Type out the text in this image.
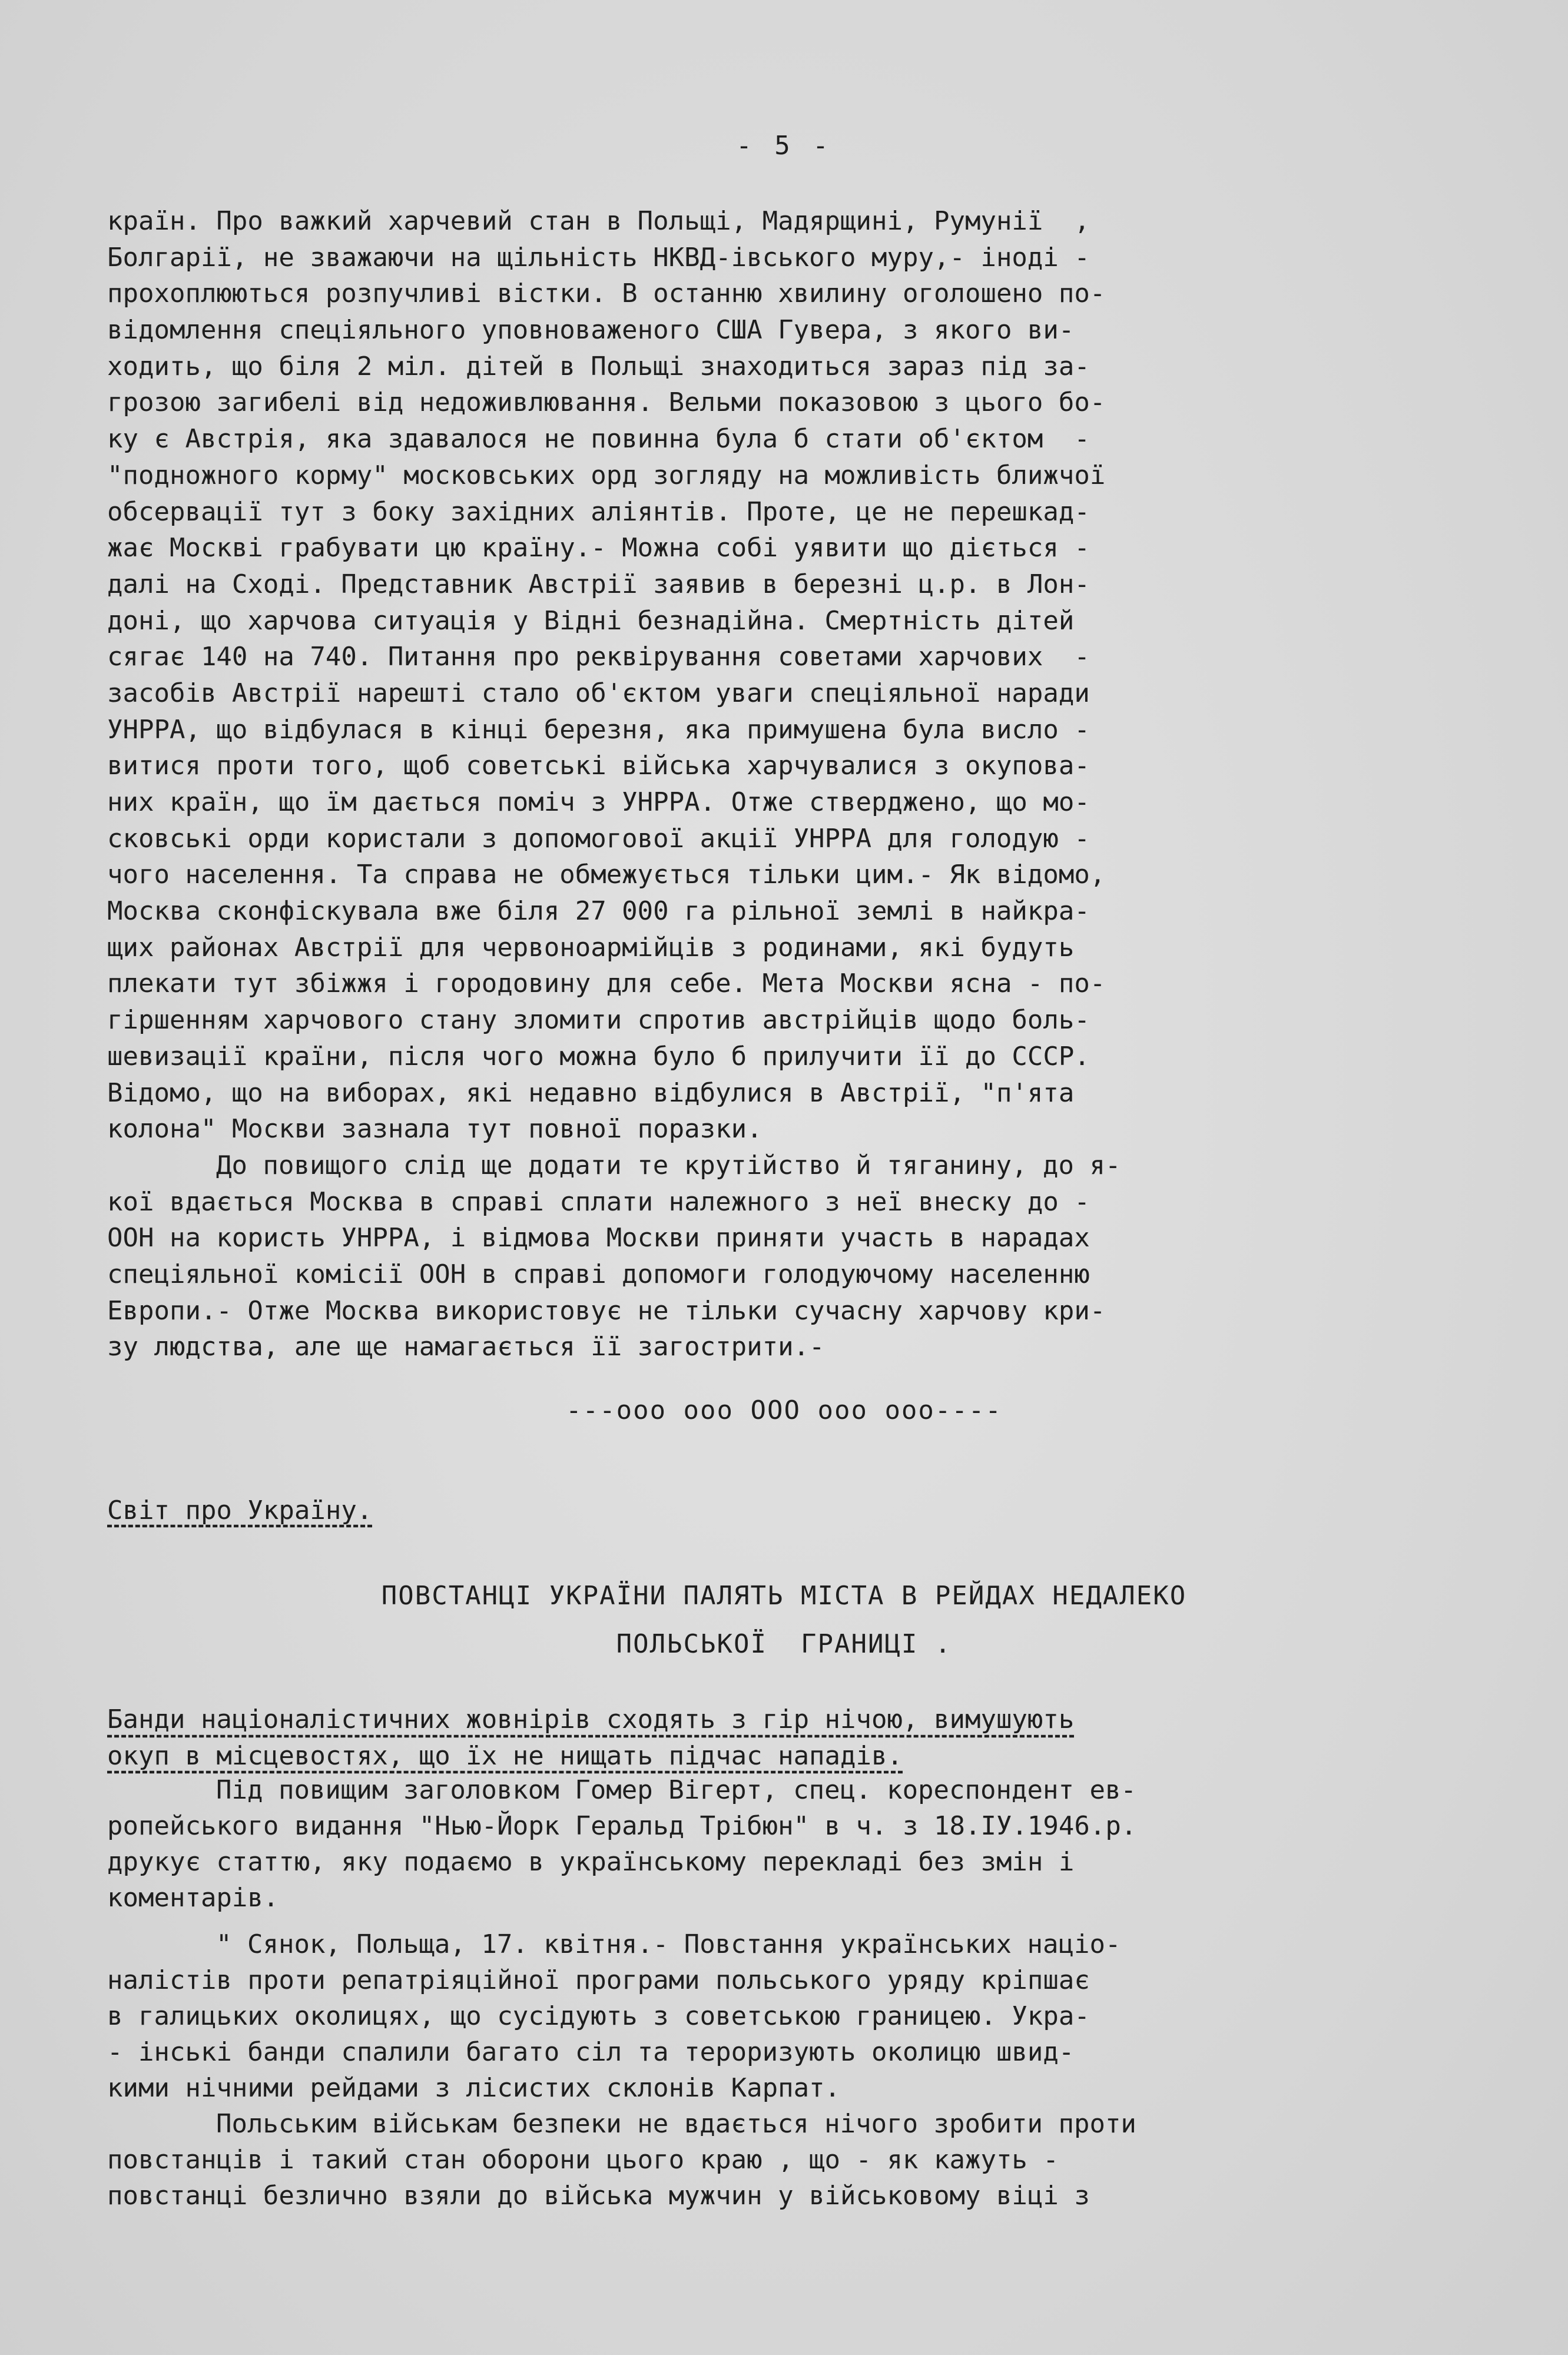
- 5 -
країн. Про важкий харчевий стан в Польщі, Мадярщині, Румунії  ,
Болгарії, не зважаючи на щільність НКВД-івського муру,- іноді -
прохоплюються розпучливі вістки. В останню хвилину оголошено по-
відомлення спеціяльного уповноваженого США Гувера, з якого ви-
ходить, що біля 2 міл. дітей в Польщі знаходиться зараз під за-
грозою загибелі від недоживлювання. Вельми показовою з цього бо-
ку є Австрія, яка здавалося не повинна була б стати об'єктом  -
"подножного корму" московських орд зогляду на можливість ближчої
обсервації тут з боку західних аліянтів. Проте, це не перешкад-
жає Москві грабувати цю країну.- Можна собі уявити що діється -
далі на Сході. Представник Австрії заявив в березні ц.р. в Лон-
доні, що харчова ситуація у Відні безнадійна. Смертність дітей
сягає 140 на 740. Питання про реквірування советами харчових  -
засобів Австрії нарешті стало об'єктом уваги спеціяльної наради
УНРРА, що відбулася в кінці березня, яка примушена була висло -
витися проти того, щоб советські війська харчувалися з окупова-
них країн, що їм дається поміч з УНРРА. Отже стверджено, що мо-
сковські орди користали з допомогової акції УНРРА для голодую -
чого населення. Та справа не обмежується тільки цим.- Як відомо,
Москва сконфіскувала вже біля 27 000 га рільної землі в найкра-
щих районах Австрії для червоноармійців з родинами, які будуть
плекати тут збіжжя і городовину для себе. Мета Москви ясна - по-
гіршенням харчового стану зломити спротив австрійців щодо боль-
шевизації країни, після чого можна було б прилучити її до СССР.
Відомо, що на виборах, які недавно відбулися в Австрії, "п'ята
колона" Москви зазнала тут повної поразки.
До повищого слід ще додати те крутійство й тяганину, до я-
кої вдається Москва в справі сплати належного з неї внеску до -
ООН на користь УНРРА, і відмова Москви приняти участь в нарадах
спеціяльної комісії ООН в справі допомоги голодуючому населенню
Европи.- Отже Москва використовує не тільки сучасну харчову кри-
зу людства, але ще намагається її загострити.-
---ооо ооо ООО ооо ооо----
Світ про Україну.
ПОВСТАНЦІ УКРАЇНИ ПАЛЯТЬ МІСТА В РЕЙДАХ НЕДАЛЕКО
ПОЛЬСЬКОЇ  ГРАНИЦІ .
Банди націоналістичних жовнірів сходять з гір нічою, вимушують
окуп в місцевостях, що їх не нищать підчас нападів.
Під повищим заголовком Гомер Вігерт, спец. кореспондент ев-
ропейського видання "Нью-Йорк Геральд Трібюн" в ч. з 18.IУ.1946.р.
друкує статтю, яку подаємо в українському перекладі без змін і
коментарів.
" Сянок, Польща, 17. квітня.- Повстання українських націо-
налістів проти репатріяційної програми польського уряду кріпшає
в галицьких околицях, що сусідують з советською границею. Укра-
- інські банди спалили багато сіл та тероризують околицю швид-
кими нічними рейдами з лісистих склонів Карпат.
Польським військам безпеки не вдається нічого зробити проти
повстанців і такий стан оборони цього краю , що - як кажуть -
повстанці безлично взяли до війська мужчин у військовому віці з
